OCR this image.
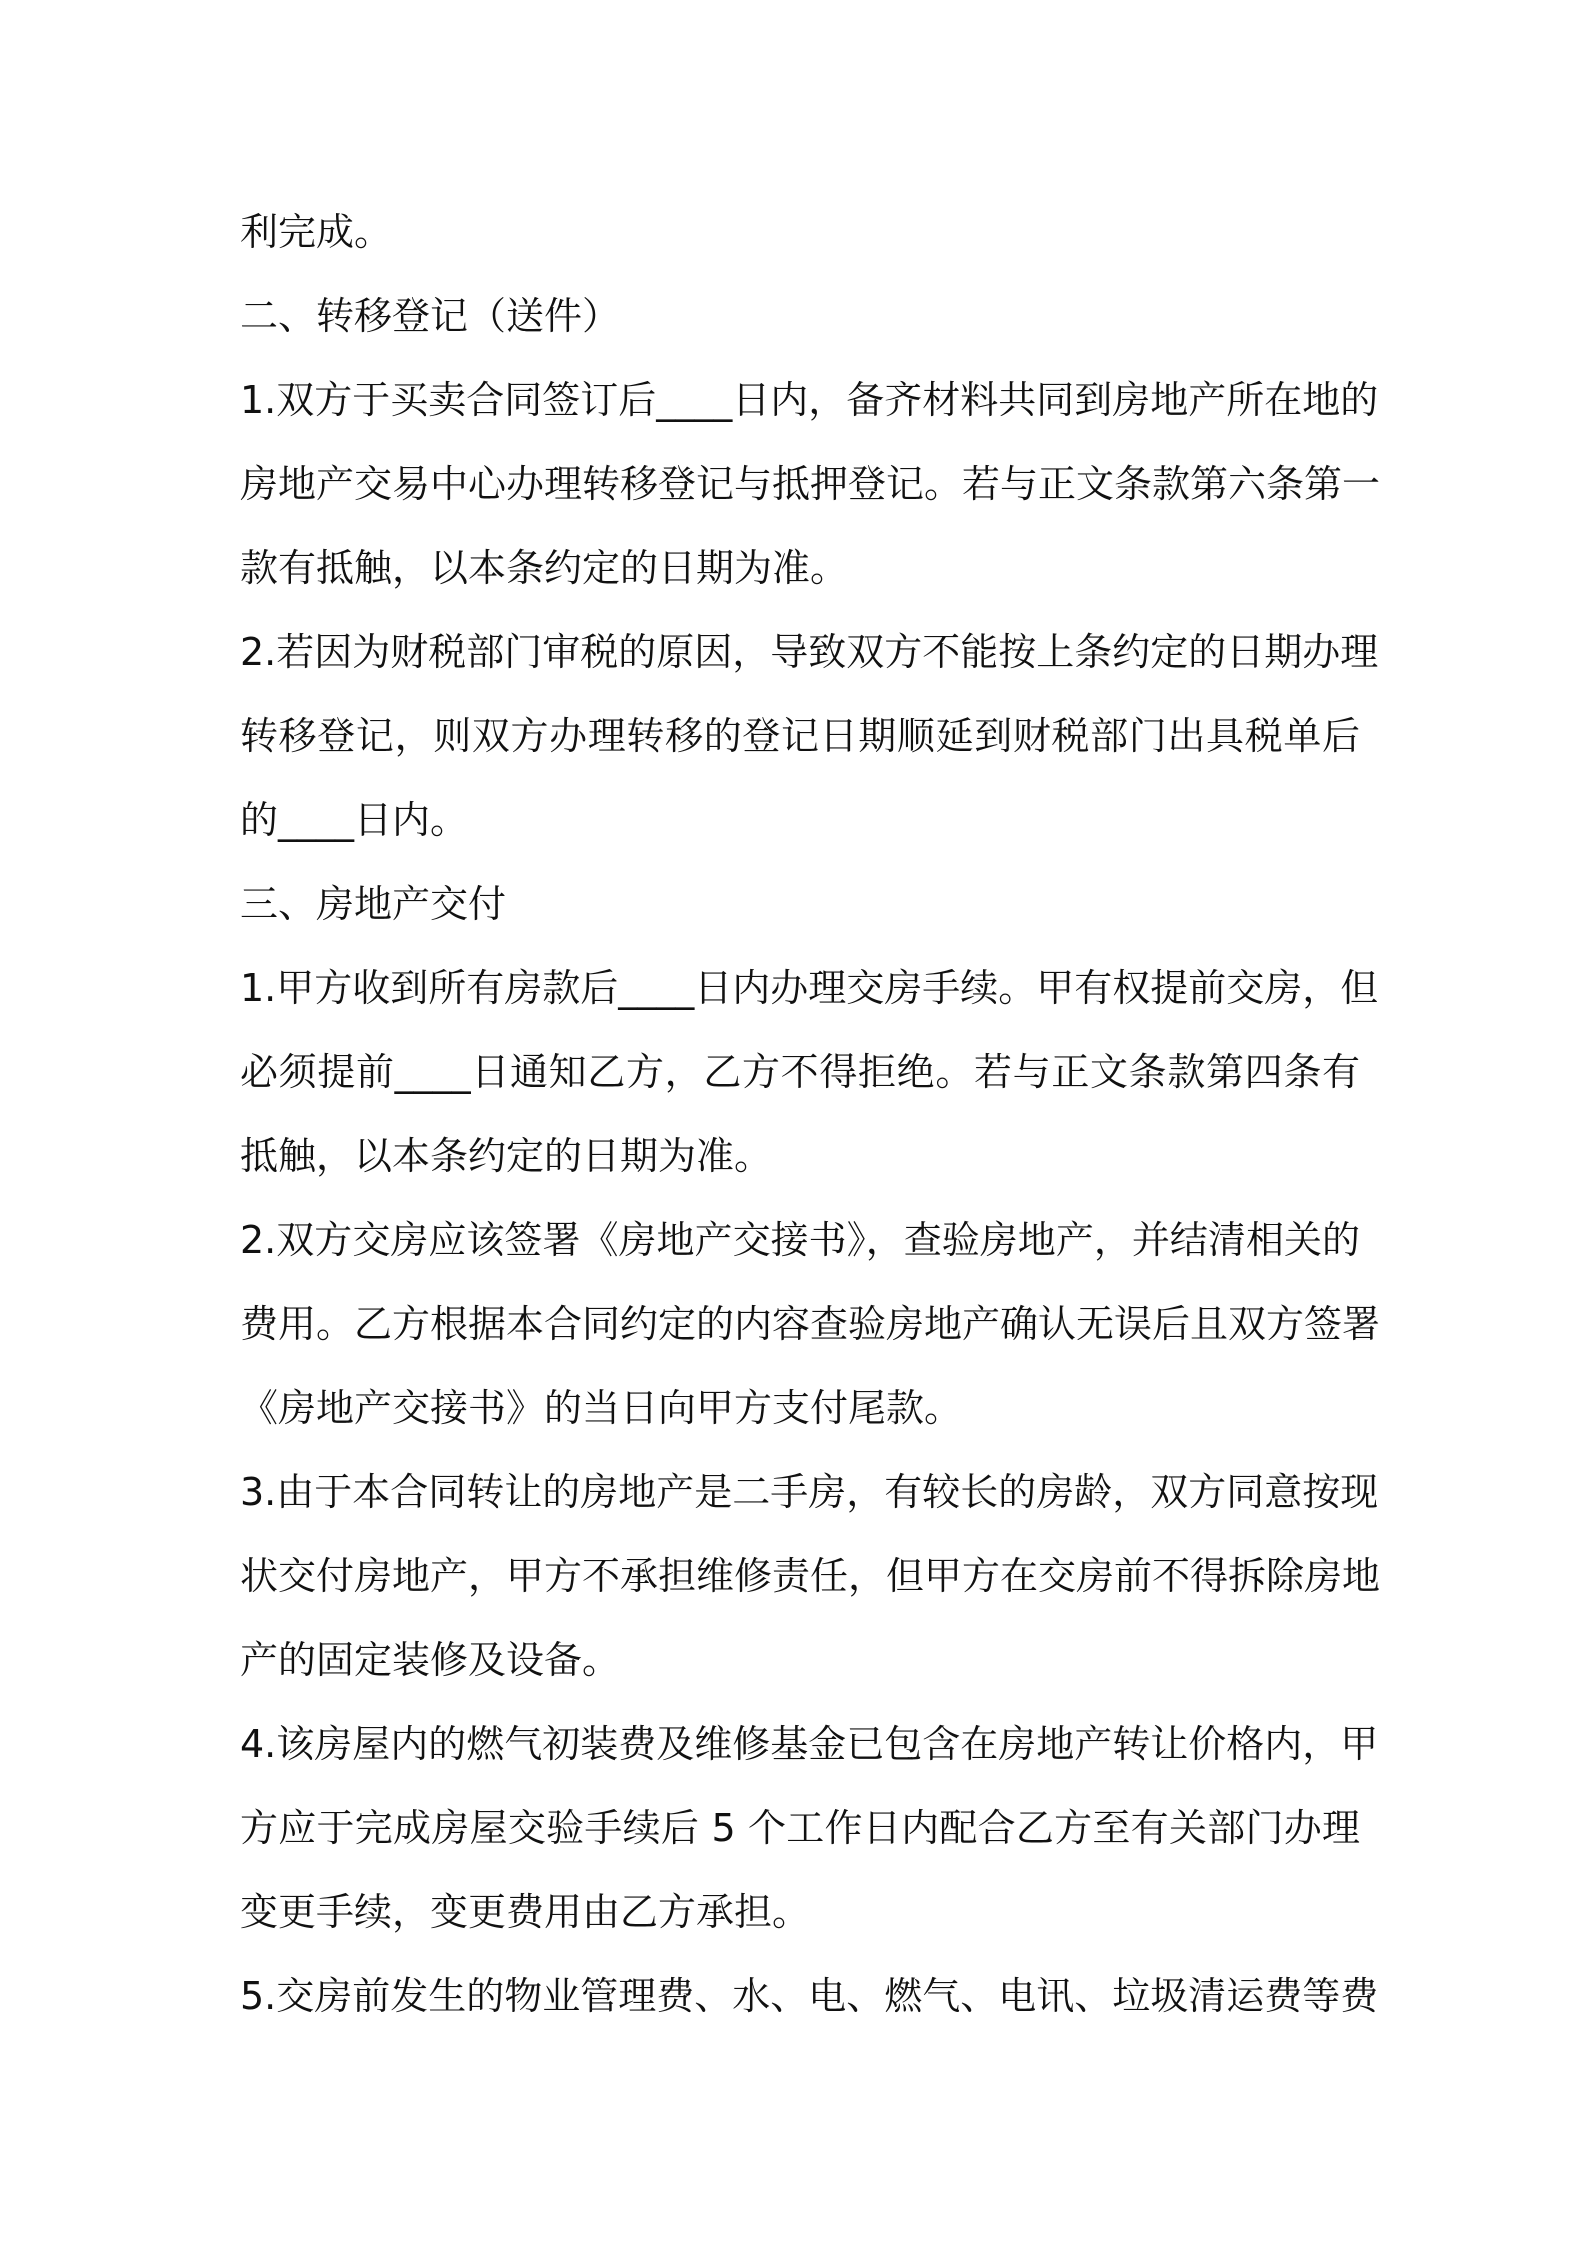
利完成。
二、转移登记（送件）
1.双方于买卖合同签订后____日内，备齐材料共同到房地产所在地的
房地产交易中心办理转移登记与抵押登记。若与正文条款第六条第一
款有抵触，以本条约定的日期为准。
2.若因为财税部门审税的原因，导致双方不能按上条约定的日期办理
转移登记，则双方办理转移的登记日期顺延到财税部门出具税单后
的____日内。
三、房地产交付
1.甲方收到所有房款后____日内办理交房手续。甲有权提前交房，但
必须提前____日通知乙方，乙方不得拒绝。若与正文条款第四条有
抵触，以本条约定的日期为准。
2.双方交房应该签署《房地产交接书》，查验房地产，并结清相关的
费用。乙方根据本合同约定的内容查验房地产确认无误后且双方签署
《房地产交接书》的当日向甲方支付尾款。
3.由于本合同转让的房地产是二手房，有较长的房龄，双方同意按现
状交付房地产，甲方不承担维修责任，但甲方在交房前不得拆除房地
产的固定装修及设备。
4.该房屋内的燃气初装费及维修基金已包含在房地产转让价格内，甲
方应于完成房屋交验手续后 5 个工作日内配合乙方至有关部门办理
变更手续，变更费用由乙方承担。
5.交房前发生的物业管理费、水、电、燃气、电讯、垃圾清运费等费
